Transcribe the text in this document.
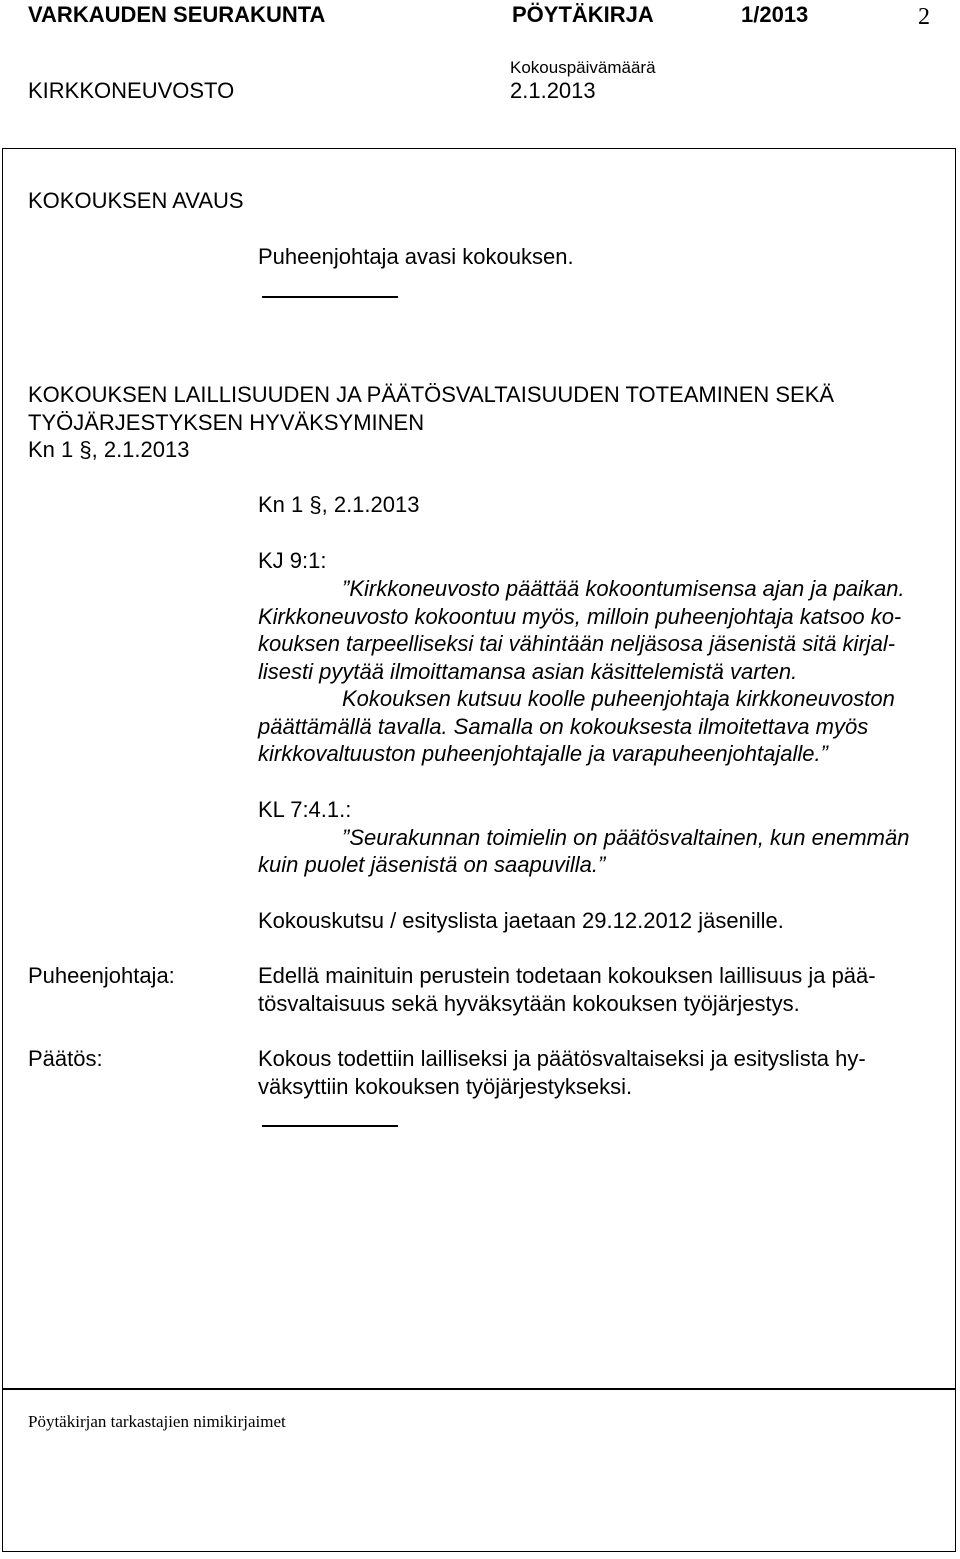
VARKAUDEN SEURAKUNTA	PÖYTÄKIRJA	1/2013	2
Kokouspäivämäärä
KIRKKONEUVOSTO	2.1.2013
KOKOUKSEN AVAUS
Puheenjohtaja avasi kokouksen.
KOKOUKSEN LAILLISUUDEN JA PÄÄTÖSVALTAISUUDEN TOTEAMINEN SEKÄ
TYÖJÄRJESTYKSEN HYVÄKSYMINEN
Kn 1 §, 2.1.2013
Kn 1 §, 2.1.2013
KJ 9:1:
”Kirkkoneuvosto päättää kokoontumisensa ajan ja paikan.
Kirkkoneuvosto kokoontuu myös, milloin puheenjohtaja katsoo ko-
kouksen tarpeelliseksi tai vähintään neljäsosa jäsenistä sitä kirjal-
lisesti pyytää ilmoittamansa asian käsittelemistä varten.
Kokouksen kutsuu koolle puheenjohtaja kirkkoneuvoston
päättämällä tavalla. Samalla on kokouksesta ilmoitettava myös
kirkkovaltuuston puheenjohtajalle ja varapuheenjohtajalle.”
KL 7:4.1.:
”Seurakunnan toimielin on päätösvaltainen, kun enemmän
kuin puolet jäsenistä on saapuvilla.”
Kokouskutsu / esityslista jaetaan 29.12.2012 jäsenille.
Puheenjohtaja:	Edellä mainituin perustein todetaan kokouksen laillisuus ja pää-
tösvaltaisuus sekä hyväksytään kokouksen työjärjestys.
Päätös:	Kokous todettiin lailliseksi ja päätösvaltaiseksi ja esityslista hy-
väksyttiin kokouksen työjärjestykseksi.
Pöytäkirjan tarkastajien nimikirjaimet
